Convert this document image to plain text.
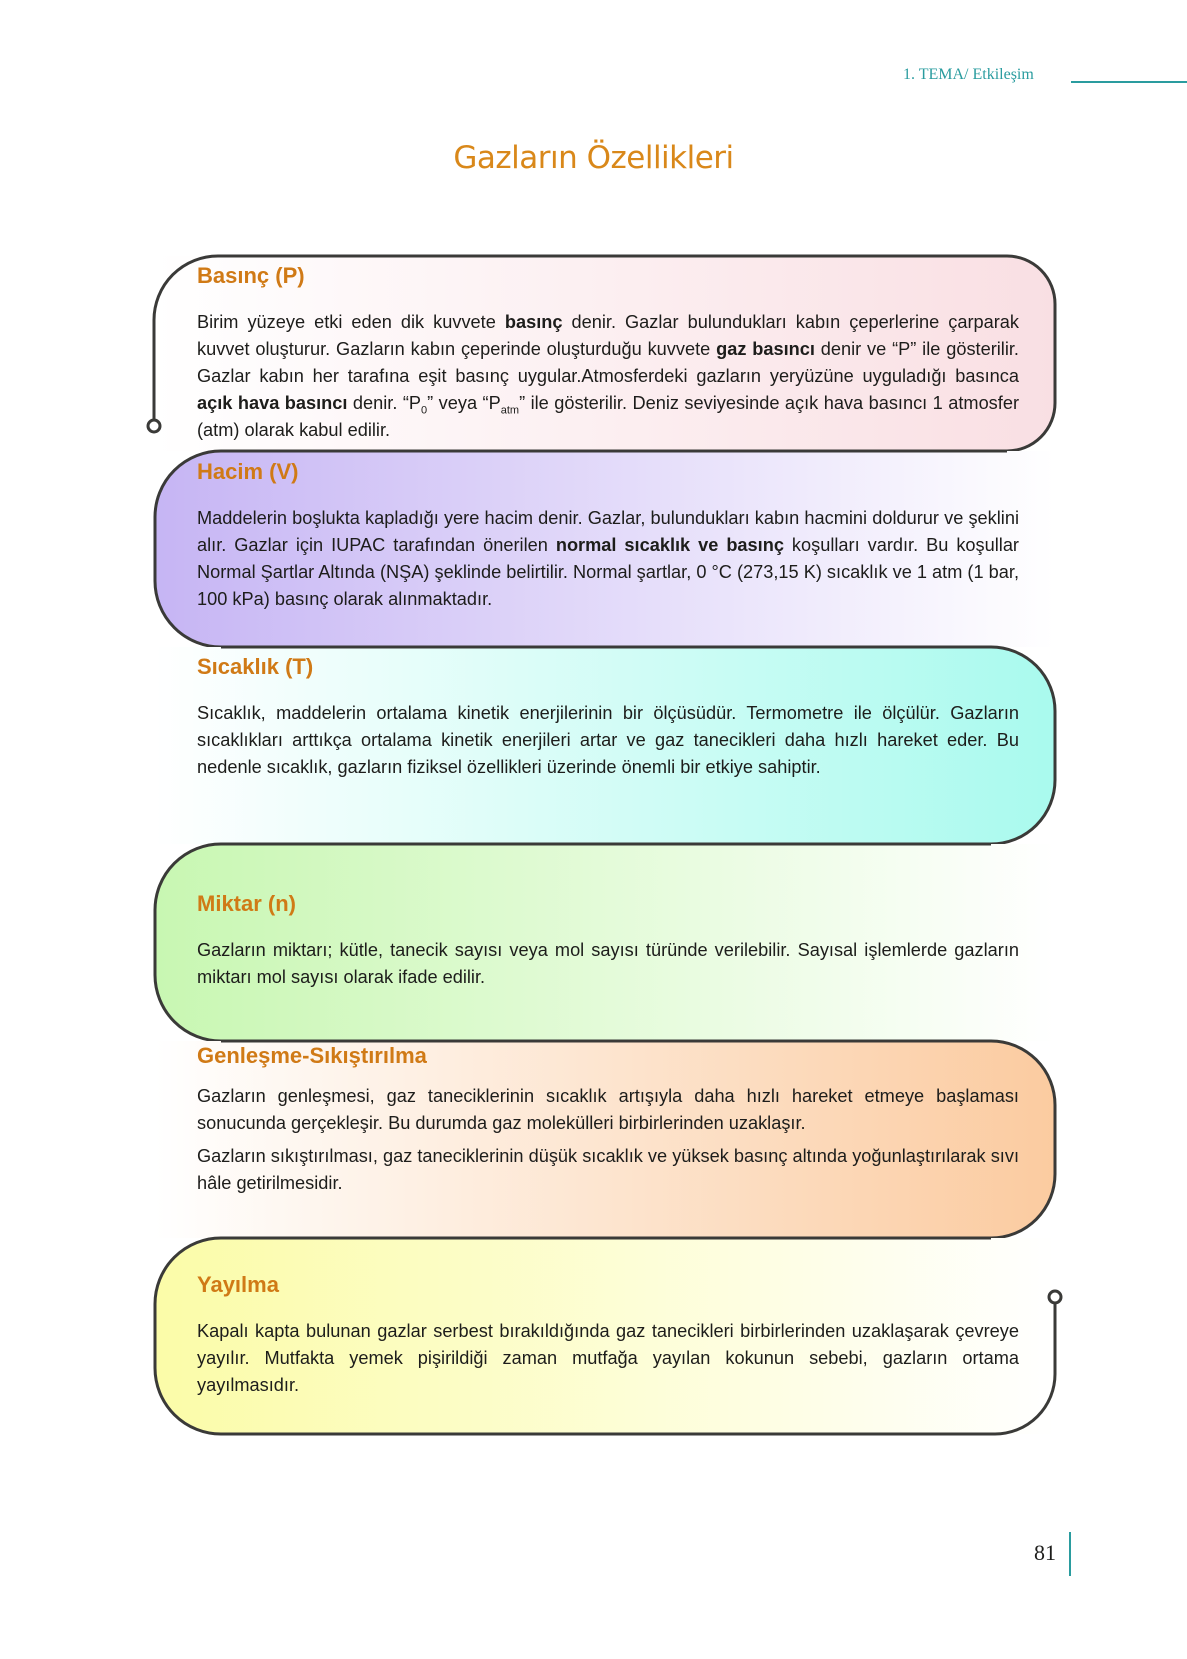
1. TEMA/ Etkileşim
Gazların Özellikleri
Basınç (P)

Birim yüzeye etki eden dik kuvvete basınç denir. Gazlar bulundukları kabın çeperlerine çarparak kuvvet oluşturur. Gazların kabın çeperinde oluşturduğu kuvvete gaz basıncı denir ve “P” ile gösterilir. Gazlar kabın her tarafına eşit basınç uygular.Atmosferdeki gazların yeryüzüne uyguladığı basınca açık hava basıncı denir. “$P_0$” veya “$P_{atm}$” ile gösterilir. Deniz seviyesinde açık hava basıncı 1 atmosfer (atm) olarak kabul edilir.

Hacim (V)

Maddelerin boşlukta kapladığı yere hacim denir. Gazlar, bulundukları kabın hacmini doldurur ve şeklini alır. Gazlar için IUPAC tarafından önerilen normal sıcaklık ve basınç koşulları vardır. Bu koşullar Normal Şartlar Altında (NŞA) şeklinde belirtilir. Normal şartlar, 0 °C (273,15 K) sıcaklık ve 1 atm (1 bar, 100 kPa) basınç olarak alınmaktadır.

Sıcaklık (T)

Sıcaklık, maddelerin ortalama kinetik enerjilerinin bir ölçüsüdür. Termometre ile ölçülür. Gazların sıcaklıkları arttıkça ortalama kinetik enerjileri artar ve gaz tanecikleri daha hızlı hareket eder. Bu nedenle sıcaklık, gazların fiziksel özellikleri üzerinde önemli bir etkiye sahiptir.

Miktar (n)

Gazların miktarı; kütle, tanecik sayısı veya mol sayısı türünde verilebilir. Sayısal işlemlerde gazların miktarı mol sayısı olarak ifade edilir.

Genleşme-Sıkıştırılma

Gazların genleşmesi, gaz taneciklerinin sıcaklık artışıyla daha hızlı hareket etmeye başlaması sonucunda gerçekleşir. Bu durumda gaz molekülleri birbirlerinden uzaklaşır.

Gazların sıkıştırılması, gaz taneciklerinin düşük sıcaklık ve yüksek basınç altında yoğunlaştırılarak sıvı hâle getirilmesidir.

Yayılma

Kapalı kapta bulunan gazlar serbest bırakıldığında gaz tanecikleri birbirlerinden uzaklaşarak çevreye yayılır. Mutfakta yemek pişirildiği zaman mutfağa yayılan kokunun sebebi, gazların ortama yayılmasıdır.

81
